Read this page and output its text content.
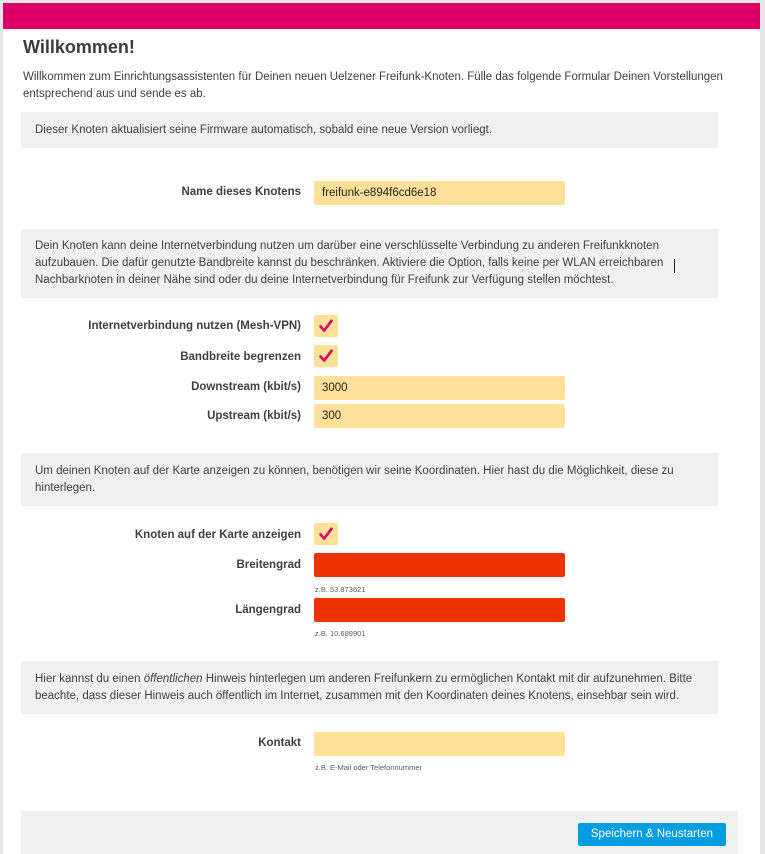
Willkommen!
Willkommen zum Einrichtungsassistenten für Deinen neuen Uelzener Freifunk-Knoten. Fülle das folgende Formular Deinen Vorstellungen entsprechend aus und sende es ab.
Dieser Knoten aktualisiert seine Firmware automatisch, sobald eine neue Version vorliegt.
Name dieses Knotens
freifunk-e894f6cd6e18
Dein Knoten kann deine Internetverbindung nutzen um darüber eine verschlüsselte Verbindung zu anderen Freifunkknoten aufzubauen. Die dafür genutzte Bandbreite kannst du beschränken. Aktiviere die Option, falls keine per WLAN erreichbaren Nachbarknoten in deiner Nähe sind oder du deine Internetverbindung für Freifunk zur Verfügung stellen möchtest.
Internetverbindung nutzen (Mesh-VPN)
Bandbreite begrenzen
Downstream (kbit/s)
3000
Upstream (kbit/s)
300
Um deinen Knoten auf der Karte anzeigen zu können, benötigen wir seine Koordinaten. Hier hast du die Möglichkeit, diese zu hinterlegen.
Knoten auf der Karte anzeigen
Breitengrad
z.B. 53.873621
Längengrad
z.B. 10.689901
Hier kannst du einen öffentlichen Hinweis hinterlegen um anderen Freifunkern zu ermöglichen Kontakt mit dir aufzunehmen. Bitte beachte, dass dieser Hinweis auch öffentlich im Internet, zusammen mit den Koordinaten deines Knotens, einsehbar sein wird.
Kontakt
z.B. E-Mail oder Telefonnummer
Speichern & Neustarten
